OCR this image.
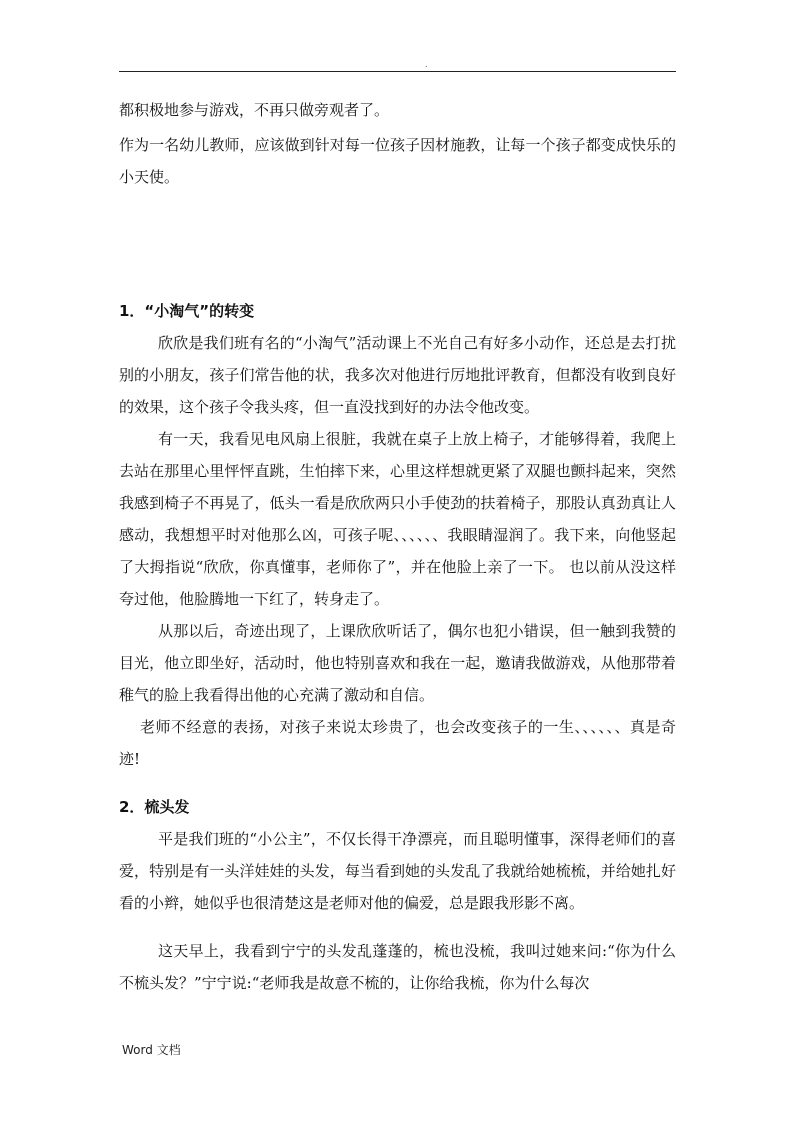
.

都积极地参与游戏，不再只做旁观者了。

作为一名幼儿教师，应该做到针对每一位孩子因材施教，让每一个孩子都变成快乐的小天使。

1．“小淘气”的转变

欣欣是我们班有名的“小淘气”活动课上不光自己有好多小动作，还总是去打扰别的小朋友，孩子们常告他的状，我多次对他进行厉地批评教育，但都没有收到良好的效果，这个孩子令我头疼，但一直没找到好的办法令他改变。

有一天，我看见电风扇上很脏，我就在桌子上放上椅子，才能够得着，我爬上去站在那里心里怦怦直跳，生怕摔下来，心里这样想就更紧了双腿也颤抖起来，突然我感到椅子不再晃了，低头一看是欣欣两只小手使劲的扶着椅子，那股认真劲真让人感动，我想想平时对他那么凶，可孩子呢、、、、、、我眼睛湿润了。我下来，向他竖起了大拇指说“欣欣，你真懂事，老师你了”，并在他脸上亲了一下。 也以前从没这样夸过他，他脸腾地一下红了，转身走了。

从那以后，奇迹出现了，上课欣欣听话了，偶尔也犯小错误，但一触到我赞的目光，他立即坐好，活动时，他也特别喜欢和我在一起，邀请我做游戏，从他那带着稚气的脸上我看得出他的心充满了激动和自信。

老师不经意的表扬，对孩子来说太珍贵了，也会改变孩子的一生、、、、、、真是奇迹!

2．梳头发

平是我们班的“小公主”，不仅长得干净漂亮，而且聪明懂事，深得老师们的喜爱，特别是有一头洋娃娃的头发，每当看到她的头发乱了我就给她梳梳，并给她扎好看的小辫，她似乎也很清楚这是老师对他的偏爱，总是跟我形影不离。

这天早上，我看到宁宁的头发乱蓬蓬的，梳也没梳，我叫过她来问:“你为什么不梳头发？”宁宁说:“老师我是故意不梳的，让你给我梳，你为什么每次

Word 文档
